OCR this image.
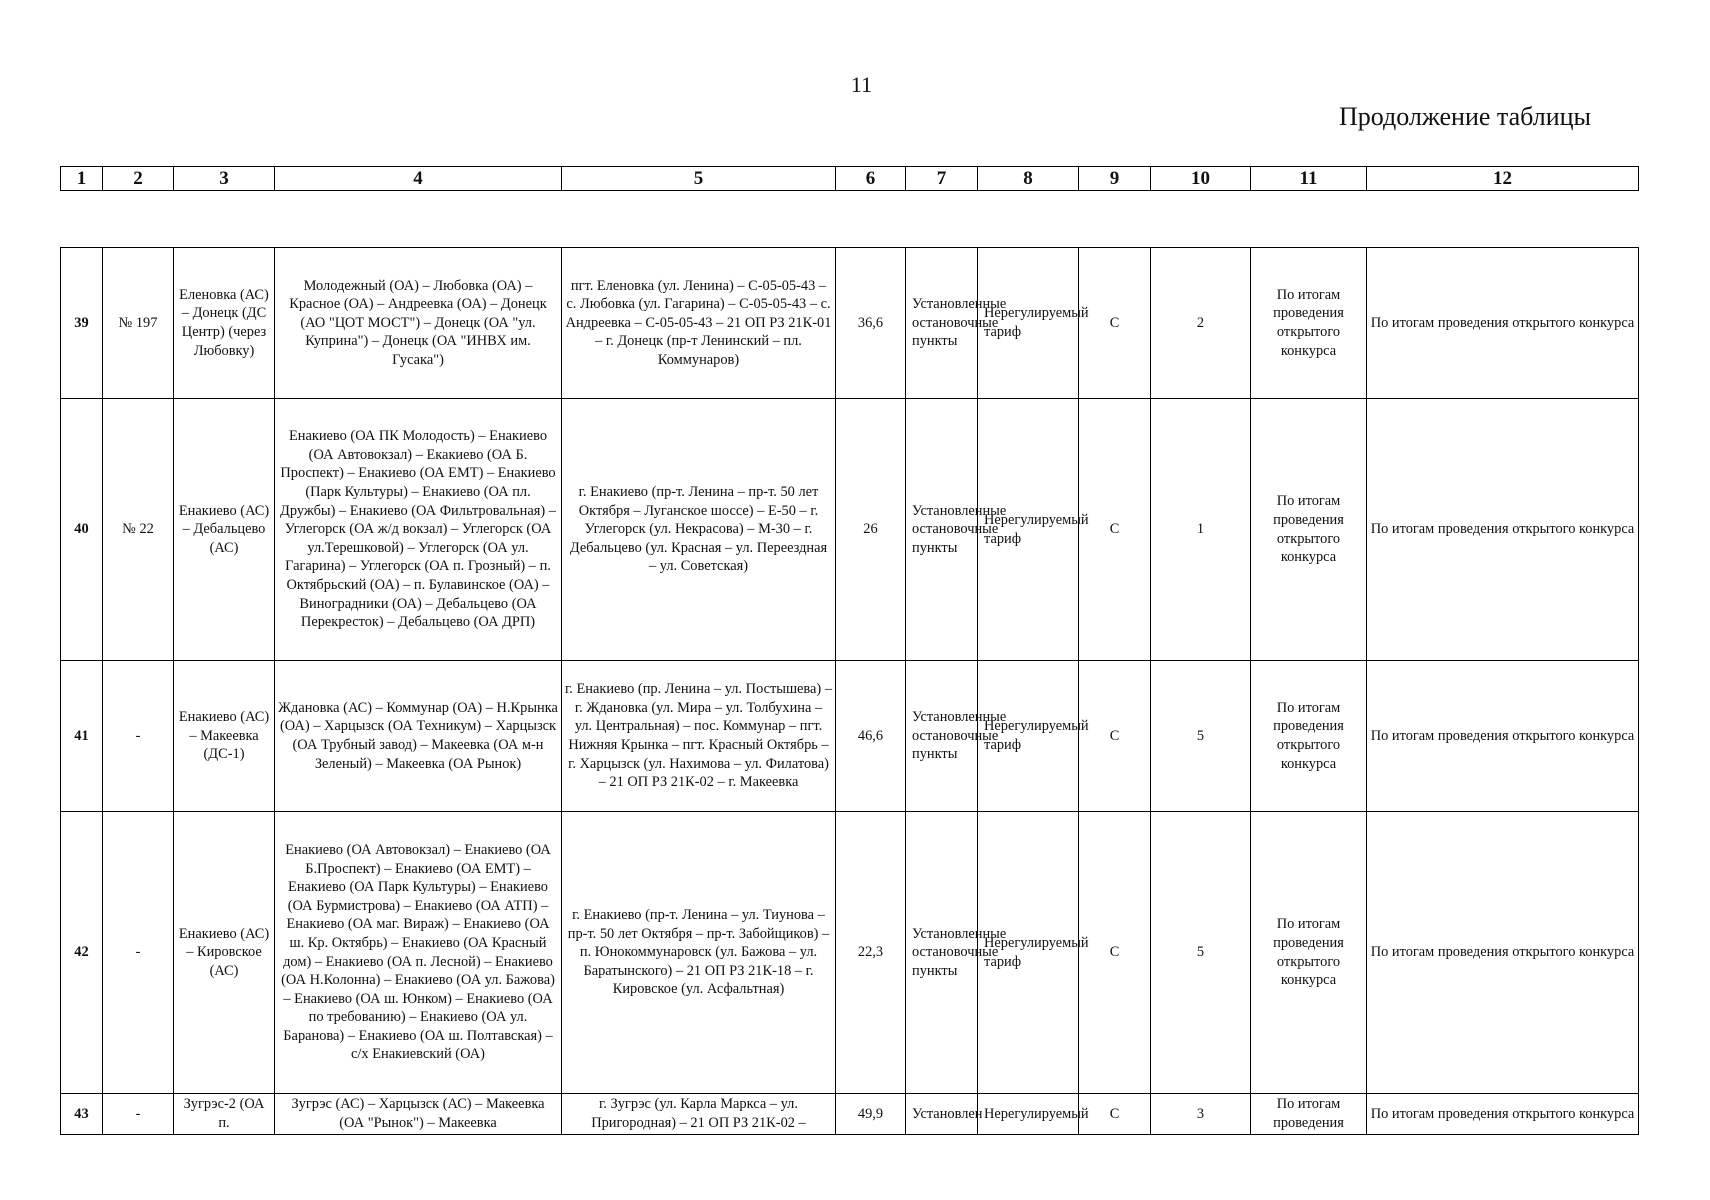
11
Продолжение таблицы
1	2	3	4	5	6	7	8	9	10	11	12
39	№ 197	Еленовка (АС) – Донецк (ДС Центр) (через Любовку)	Молодежный (ОА) – Любовка (ОА) – Красное (ОА) – Андреевка (ОА) – Донецк (АО "ЦОТ МОСТ") – Донецк (ОА "ул. Куприна") – Донецк (ОА "ИНВХ им. Гусака")	пгт. Еленовка (ул. Ленина) – С-05-05-43 – с. Любовка (ул. Гагарина) – С-05-05-43 – с. Андреевка – С-05-05-43 – 21 ОП РЗ 21К-01 – г. Донецк (пр-т Ленинский – пл. Коммунаров)	36,6	Установленные остановочные пункты	Нерегулируемый тариф	С	2	По итогам проведения открытого конкурса	По итогам проведения открытого конкурса
40	№ 22	Енакиево (АС) – Дебальцево (АС)	Енакиево (ОА ПК Молодость) – Енакиево (ОА Автовокзал) – Екакиево (ОА Б. Проспект) – Енакиево (ОА ЕМТ) – Енакиево (Парк Культуры) – Енакиево (ОА пл. Дружбы) – Енакиево (ОА Фильтровальная) – Углегорск (ОА ж/д вокзал) – Углегорск (ОА ул.Терешковой) – Углегорск (ОА ул. Гагарина) – Углегорск (ОА п. Грозный) – п. Октябрьский (ОА) – п. Булавинское (ОА) – Виноградники (ОА) – Дебальцево (ОА Перекресток) – Дебальцево (ОА ДРП)	г. Енакиево (пр-т. Ленина – пр-т. 50 лет Октября – Луганское шоссе) – Е-50 – г. Углегорск (ул. Некрасова) – М-30 – г. Дебальцево (ул. Красная – ул. Переездная – ул. Советская)	26	Установленные остановочные пункты	Нерегулируемый тариф	С	1	По итогам проведения открытого конкурса	По итогам проведения открытого конкурса
41	-	Енакиево (АС) – Макеевка (ДС-1)	Ждановка (АС) – Коммунар (ОА) – Н.Крынка (ОА) – Харцызск (ОА Техникум) – Харцызск (ОА Трубный завод) – Макеевка (ОА м-н Зеленый) – Макеевка (ОА Рынок)	г. Енакиево (пр. Ленина – ул. Постышева) – г. Ждановка (ул. Мира – ул. Толбухина – ул. Центральная) – пос. Коммунар – пгт. Нижняя Крынка – пгт. Красный Октябрь – г. Харцызск (ул. Нахимова – ул. Филатова) – 21 ОП РЗ 21К-02 – г. Макеевка	46,6	Установленные остановочные пункты	Нерегулируемый тариф	С	5	По итогам проведения открытого конкурса	По итогам проведения открытого конкурса
42	-	Енакиево (АС) – Кировское (АС)	Енакиево (ОА Автовокзал) – Енакиево (ОА Б.Проспект) – Енакиево (ОА ЕМТ) – Енакиево (ОА Парк Культуры) – Енакиево (ОА Бурмистрова) – Енакиево (ОА АТП) – Енакиево (ОА маг. Вираж) – Енакиево (ОА ш. Кр. Октябрь) – Енакиево (ОА Красный дом) – Енакиево (ОА п. Лесной) – Енакиево (ОА Н.Колонна) – Енакиево (ОА ул. Бажова) – Енакиево (ОА ш. Юнком) – Енакиево (ОА по требованию) – Енакиево (ОА ул. Баранова) – Енакиево (ОА ш. Полтавская) – с/х Енакиевский (ОА)	г. Енакиево (пр-т. Ленина – ул. Тиунова – пр-т. 50 лет Октября – пр-т. Забойщиков) – п. Юнокоммунаровск (ул. Бажова – ул. Баратынского) – 21 ОП РЗ 21К-18 – г. Кировское (ул. Асфальтная)	22,3	Установленные остановочные пункты	Нерегулируемый тариф	С	5	По итогам проведения открытого конкурса	По итогам проведения открытого конкурса
43	-	Зугрэс-2 (ОА п.	Зугрэс (АС) – Харцызск (АС) – Макеевка (ОА "Рынок") – Макеевка	г. Зугрэс (ул. Карла Маркса – ул. Пригородная) – 21 ОП РЗ 21К-02 –	49,9	Установлен	Нерегулируемый	С	3	По итогам проведения	По итогам проведения открытого конкурса
